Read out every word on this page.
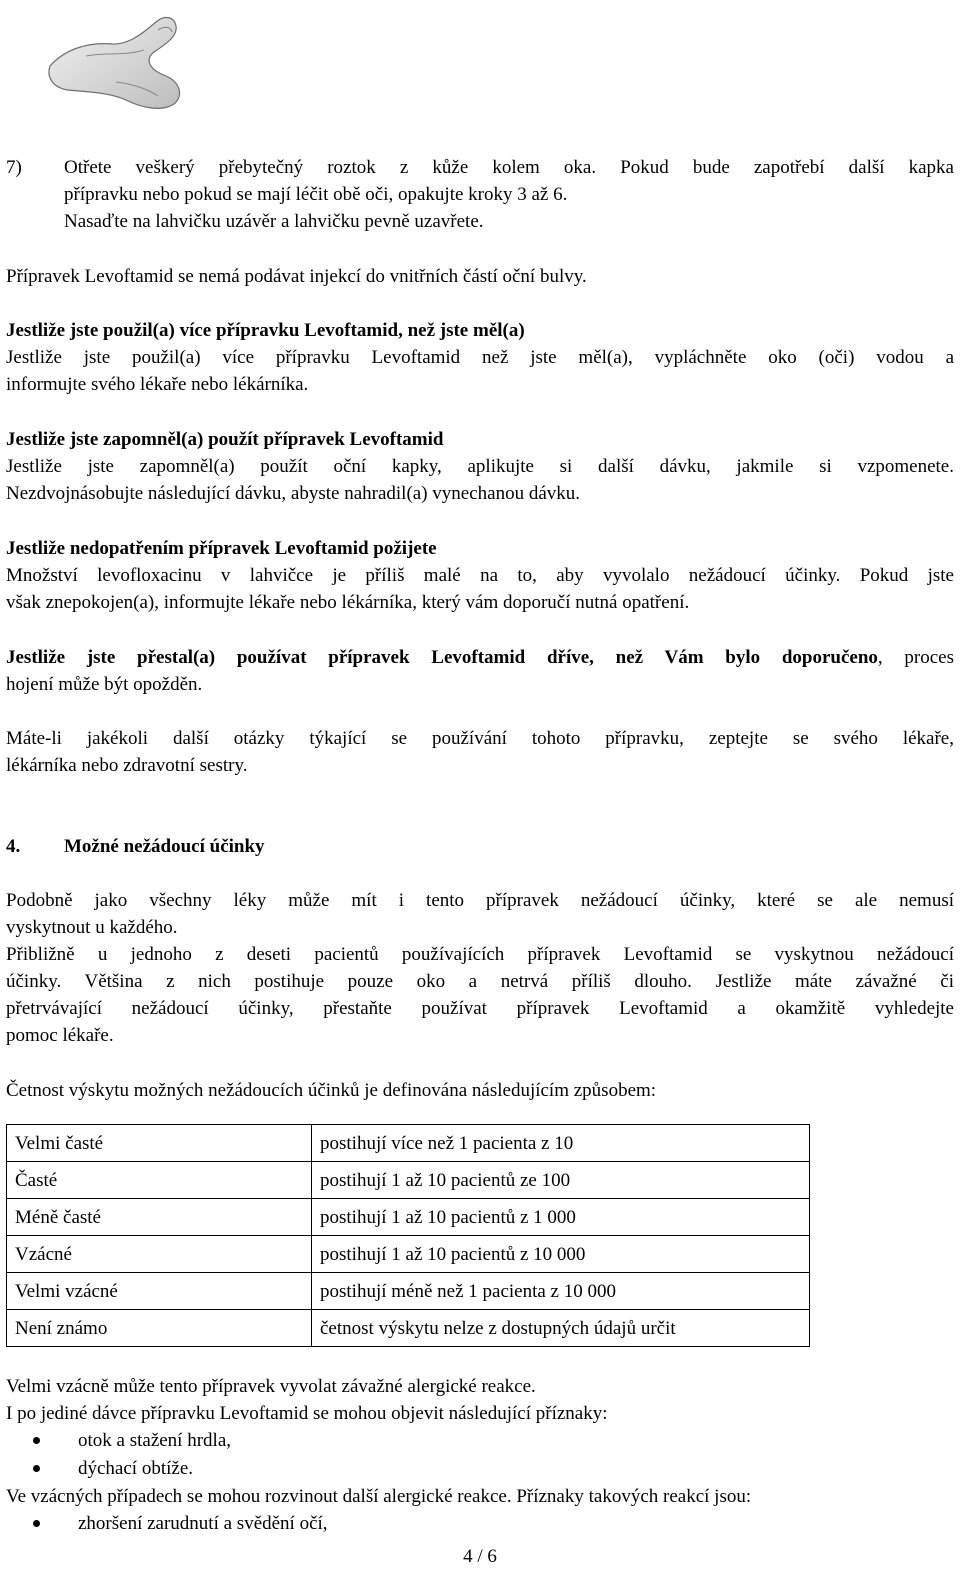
7)	Otřete veškerý přebytečný roztok z kůže kolem oka. Pokud bude zapotřebí další kapka
přípravku nebo pokud se mají léčit obě oči, opakujte kroky 3 až 6.
Nasaďte na lahvičku uzávěr a lahvičku pevně uzavřete.

Přípravek Levoftamid se nemá podávat injekcí do vnitřních částí oční bulvy.

Jestliže jste použil(a) více přípravku Levoftamid, než jste měl(a)
Jestliže jste použil(a) více přípravku Levoftamid než jste měl(a), vypláchněte oko (oči) vodou a
informujte svého lékaře nebo lékárníka.
Jestliže jste zapomněl(a) použít přípravek Levoftamid
Jestliže jste zapomněl(a) použít oční kapky, aplikujte si další dávku, jakmile si vzpomenete.
Nezdvojnásobujte následující dávku, abyste nahradil(a) vynechanou dávku.
Jestliže nedopatřením přípravek Levoftamid požijete
Množství levofloxacinu v lahvičce je příliš malé na to, aby vyvolalo nežádoucí účinky. Pokud jste
však znepokojen(a), informujte lékaře nebo lékárníka, který vám doporučí nutná opatření.
Jestliže jste přestal(a) používat přípravek Levoftamid dříve, než Vám bylo doporučeno, proces
hojení může být opožděn.
Máte-li jakékoli další otázky týkající se používání tohoto přípravku, zeptejte se svého lékaře,
lékárníka nebo zdravotní sestry.
4.	Možné nežádoucí účinky
Podobně jako všechny léky může mít i tento přípravek nežádoucí účinky, které se ale nemusí
vyskytnout u každého.
Přibližně u jednoho z deseti pacientů používajících přípravek Levoftamid se vyskytnou nežádoucí
účinky. Většina z nich postihuje pouze oko a netrvá příliš dlouho. Jestliže máte závažné či
přetrvávající nežádoucí účinky, přestaňte používat přípravek Levoftamid a okamžitě vyhledejte
pomoc lékaře.

Četnost výskytu možných nežádoucích účinků je definována následujícím způsobem:

Velmi časté	postihují více než 1 pacienta z 10
Časté	postihují 1 až 10 pacientů ze 100
Méně časté	postihují 1 až 10 pacientů z 1 000
Vzácné	postihují 1 až 10 pacientů z 10 000
Velmi vzácné	postihují méně než 1 pacienta z 10 000
Není známo	četnost výskytu nelze z dostupných údajů určit
Velmi vzácně může tento přípravek vyvolat závažné alergické reakce.
I po jediné dávce přípravku Levoftamid se mohou objevit následující příznaky:
otok a stažení hrdla,
dýchací obtíže.
Ve vzácných případech se mohou rozvinout další alergické reakce. Příznaky takových reakcí jsou:
zhoršení zarudnutí a svědění očí,
4 / 6
